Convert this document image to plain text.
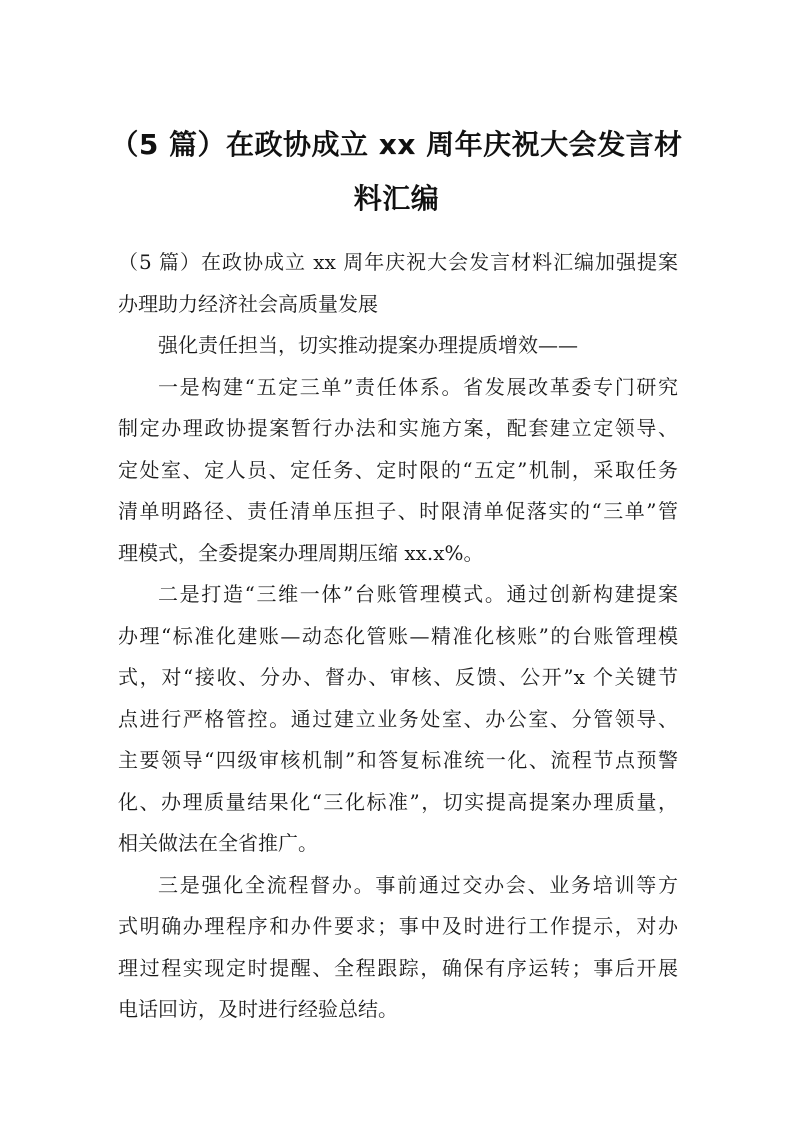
（5 篇）在政协成立 xx 周年庆祝大会发言材
料汇编
（5 篇）在政协成立 xx 周年庆祝大会发言材料汇编加强提案
办理助力经济社会高质量发展
强化责任担当，切实推动提案办理提质增效——
一是构建“五定三单”责任体系。省发展改革委专门研究
制定办理政协提案暂行办法和实施方案，配套建立定领导、
定处室、定人员、定任务、定时限的“五定”机制，采取任务
清单明路径、责任清单压担子、时限清单促落实的“三单”管
理模式，全委提案办理周期压缩 xx.x%。
二是打造“三维一体”台账管理模式。通过创新构建提案
办理“标准化建账—动态化管账—精准化核账”的台账管理模
式，对“接收、分办、督办、审核、反馈、公开”x 个关键节
点进行严格管控。通过建立业务处室、办公室、分管领导、
主要领导“四级审核机制”和答复标准统一化、流程节点预警
化、办理质量结果化“三化标准”，切实提高提案办理质量，
相关做法在全省推广。
三是强化全流程督办。事前通过交办会、业务培训等方
式明确办理程序和办件要求；事中及时进行工作提示，对办
理过程实现定时提醒、全程跟踪，确保有序运转；事后开展
电话回访，及时进行经验总结。
